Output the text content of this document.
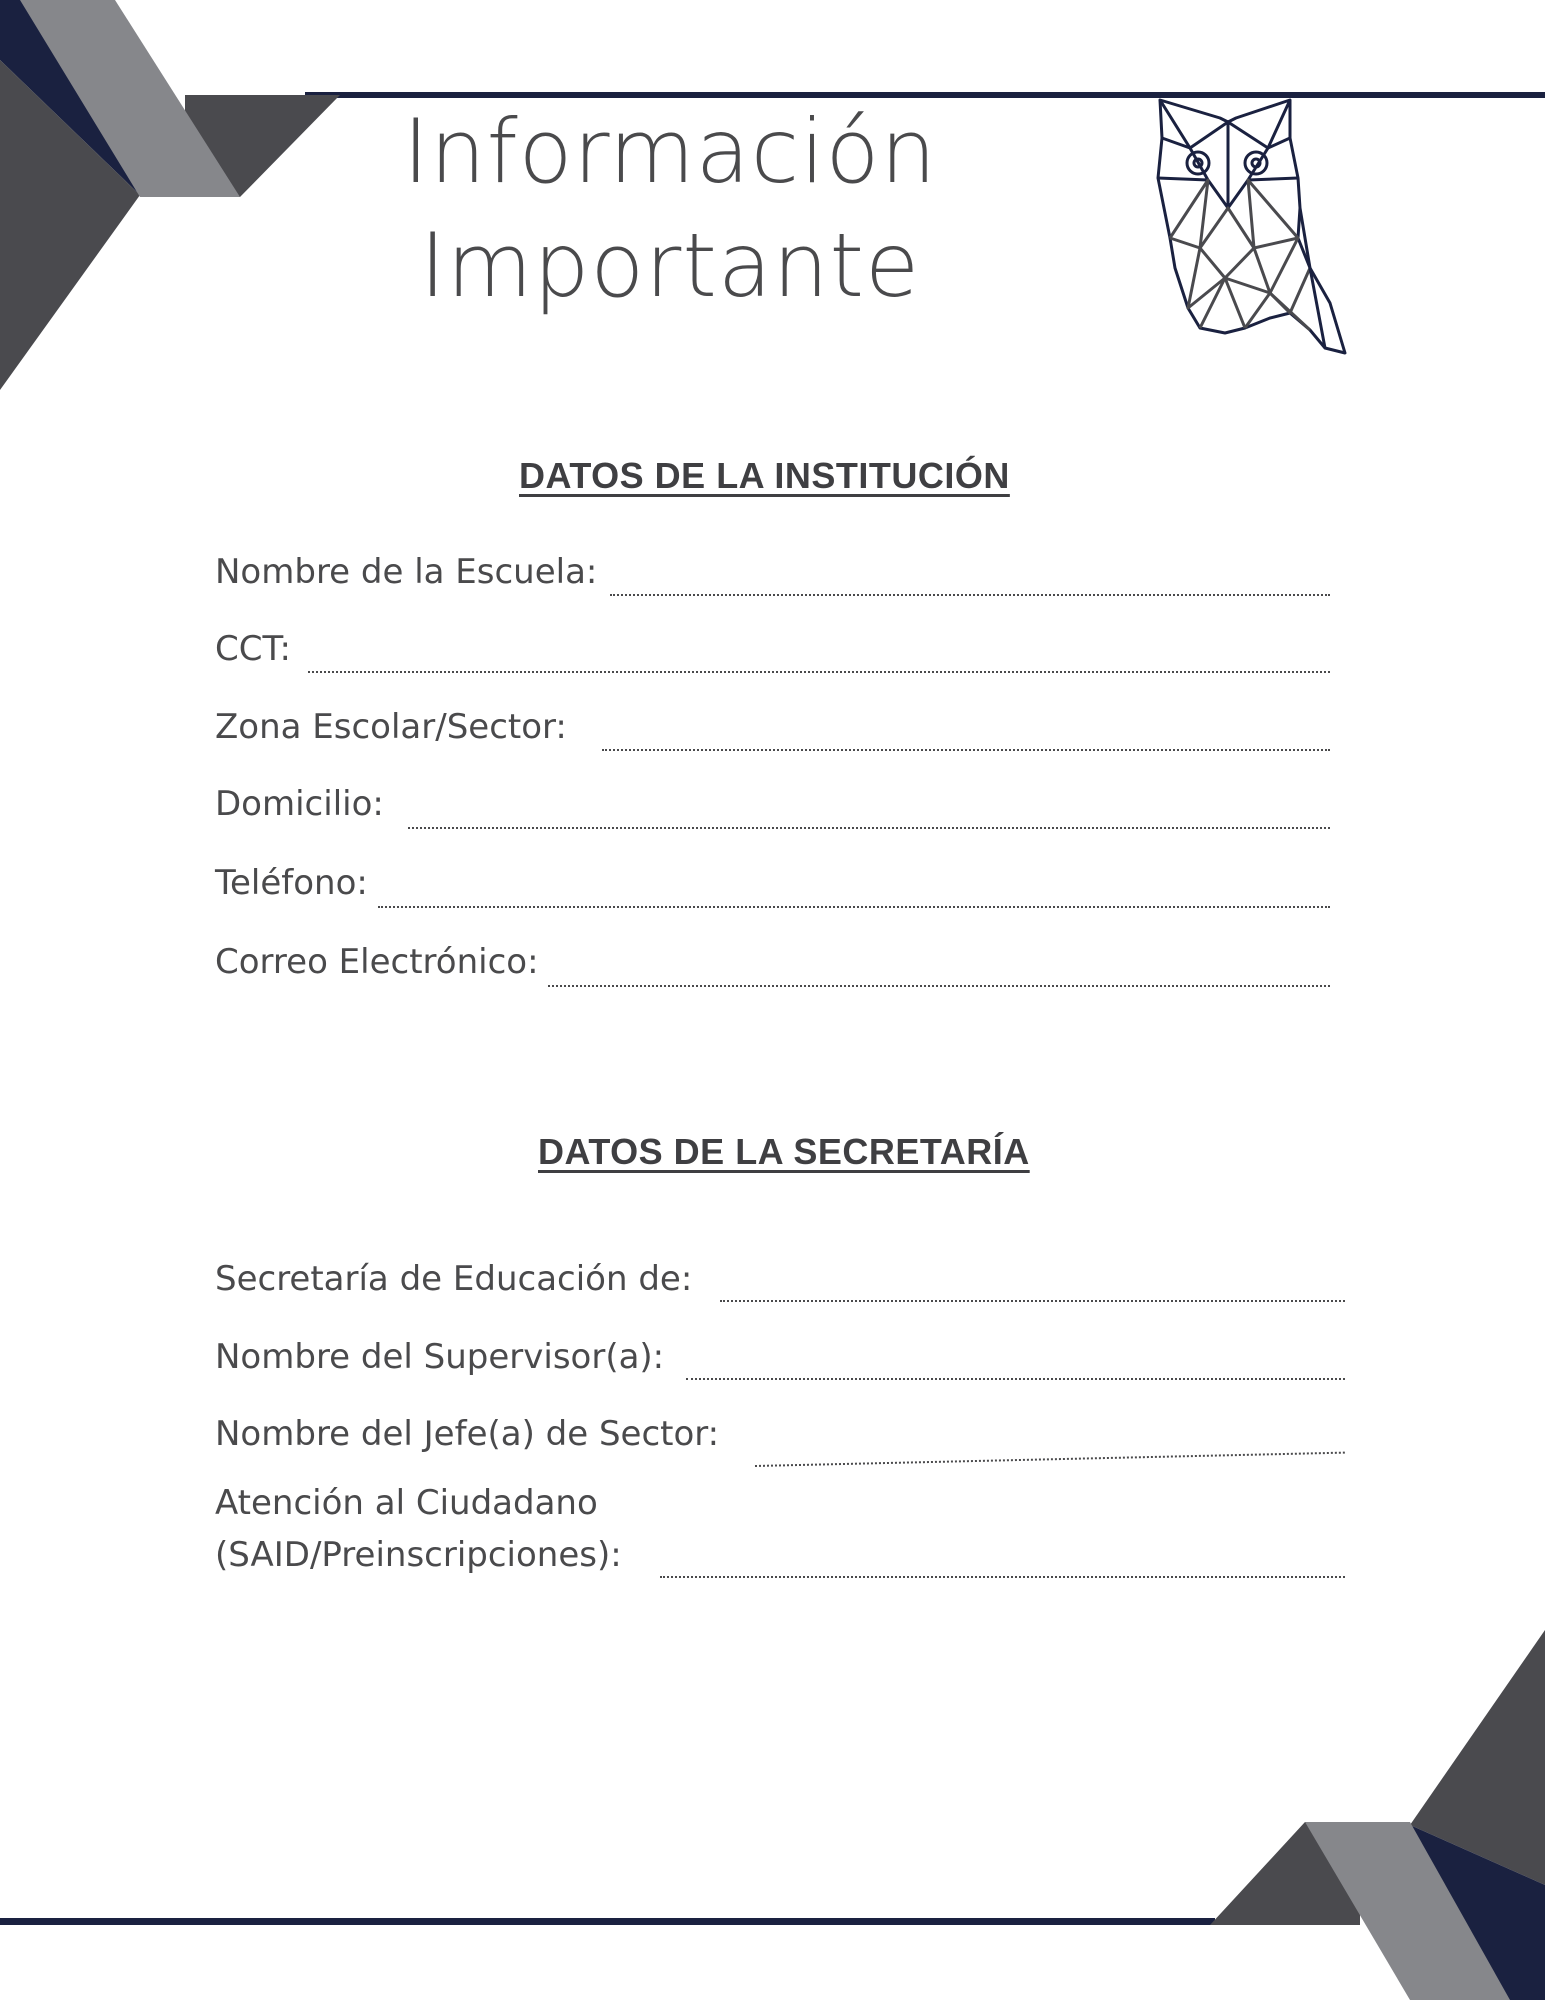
Información
Importante
DATOS DE LA INSTITUCIÓN

Nombre de la Escuela:

CCT:

Zona Escolar/Sector:

Domicilio:

Teléfono:

Correo Electrónico:

DATOS DE LA SECRETARÍA

Secretaría de Educación de:

Nombre del Supervisor(a):

Nombre del Jefe(a) de Sector:

Atención al Ciudadano

(SAID/Preinscripciones):
